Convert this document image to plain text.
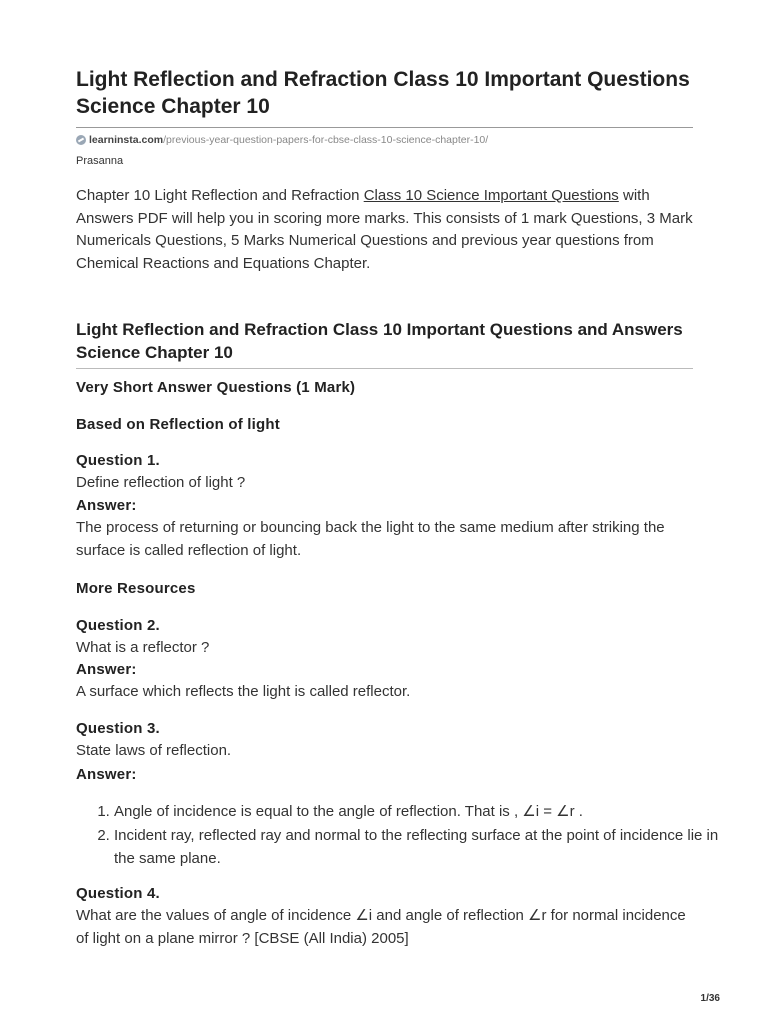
Light Reflection and Refraction Class 10 Important Questions Science Chapter 10
learninsta.com /previous-year-question-papers-for-cbse-class-10-science-chapter-10/
Prasanna

Chapter 10 Light Reflection and Refraction Class 10 Science Important Questions with Answers PDF will help you in scoring more marks. This consists of 1 mark Questions, 3 Mark Numericals Questions, 5 Marks Numerical Questions and previous year questions from Chemical Reactions and Equations Chapter.

Light Reflection and Refraction Class 10 Important Questions and Answers Science Chapter 10
Very Short Answer Questions (1 Mark)
Based on Reflection of light
Question 1.
Define reflection of light ?
Answer:
The process of returning or bouncing back the light to the same medium after striking the surface is called reflection of light.
More Resources
Question 2.
What is a reflector ?
Answer:
A surface which reflects the light is called reflector.
Question 3.
State laws of reflection.
Answer:
1. Angle of incidence is equal to the angle of reflection. That is , ∠i = ∠r .
2. Incident ray, reflected ray and normal to the reflecting surface at the point of incidence lie in the same plane.
Question 4.
What are the values of angle of incidence ∠i and angle of reflection ∠r for normal incidence of light on a plane mirror ? [CBSE (All India) 2005]
1/36
